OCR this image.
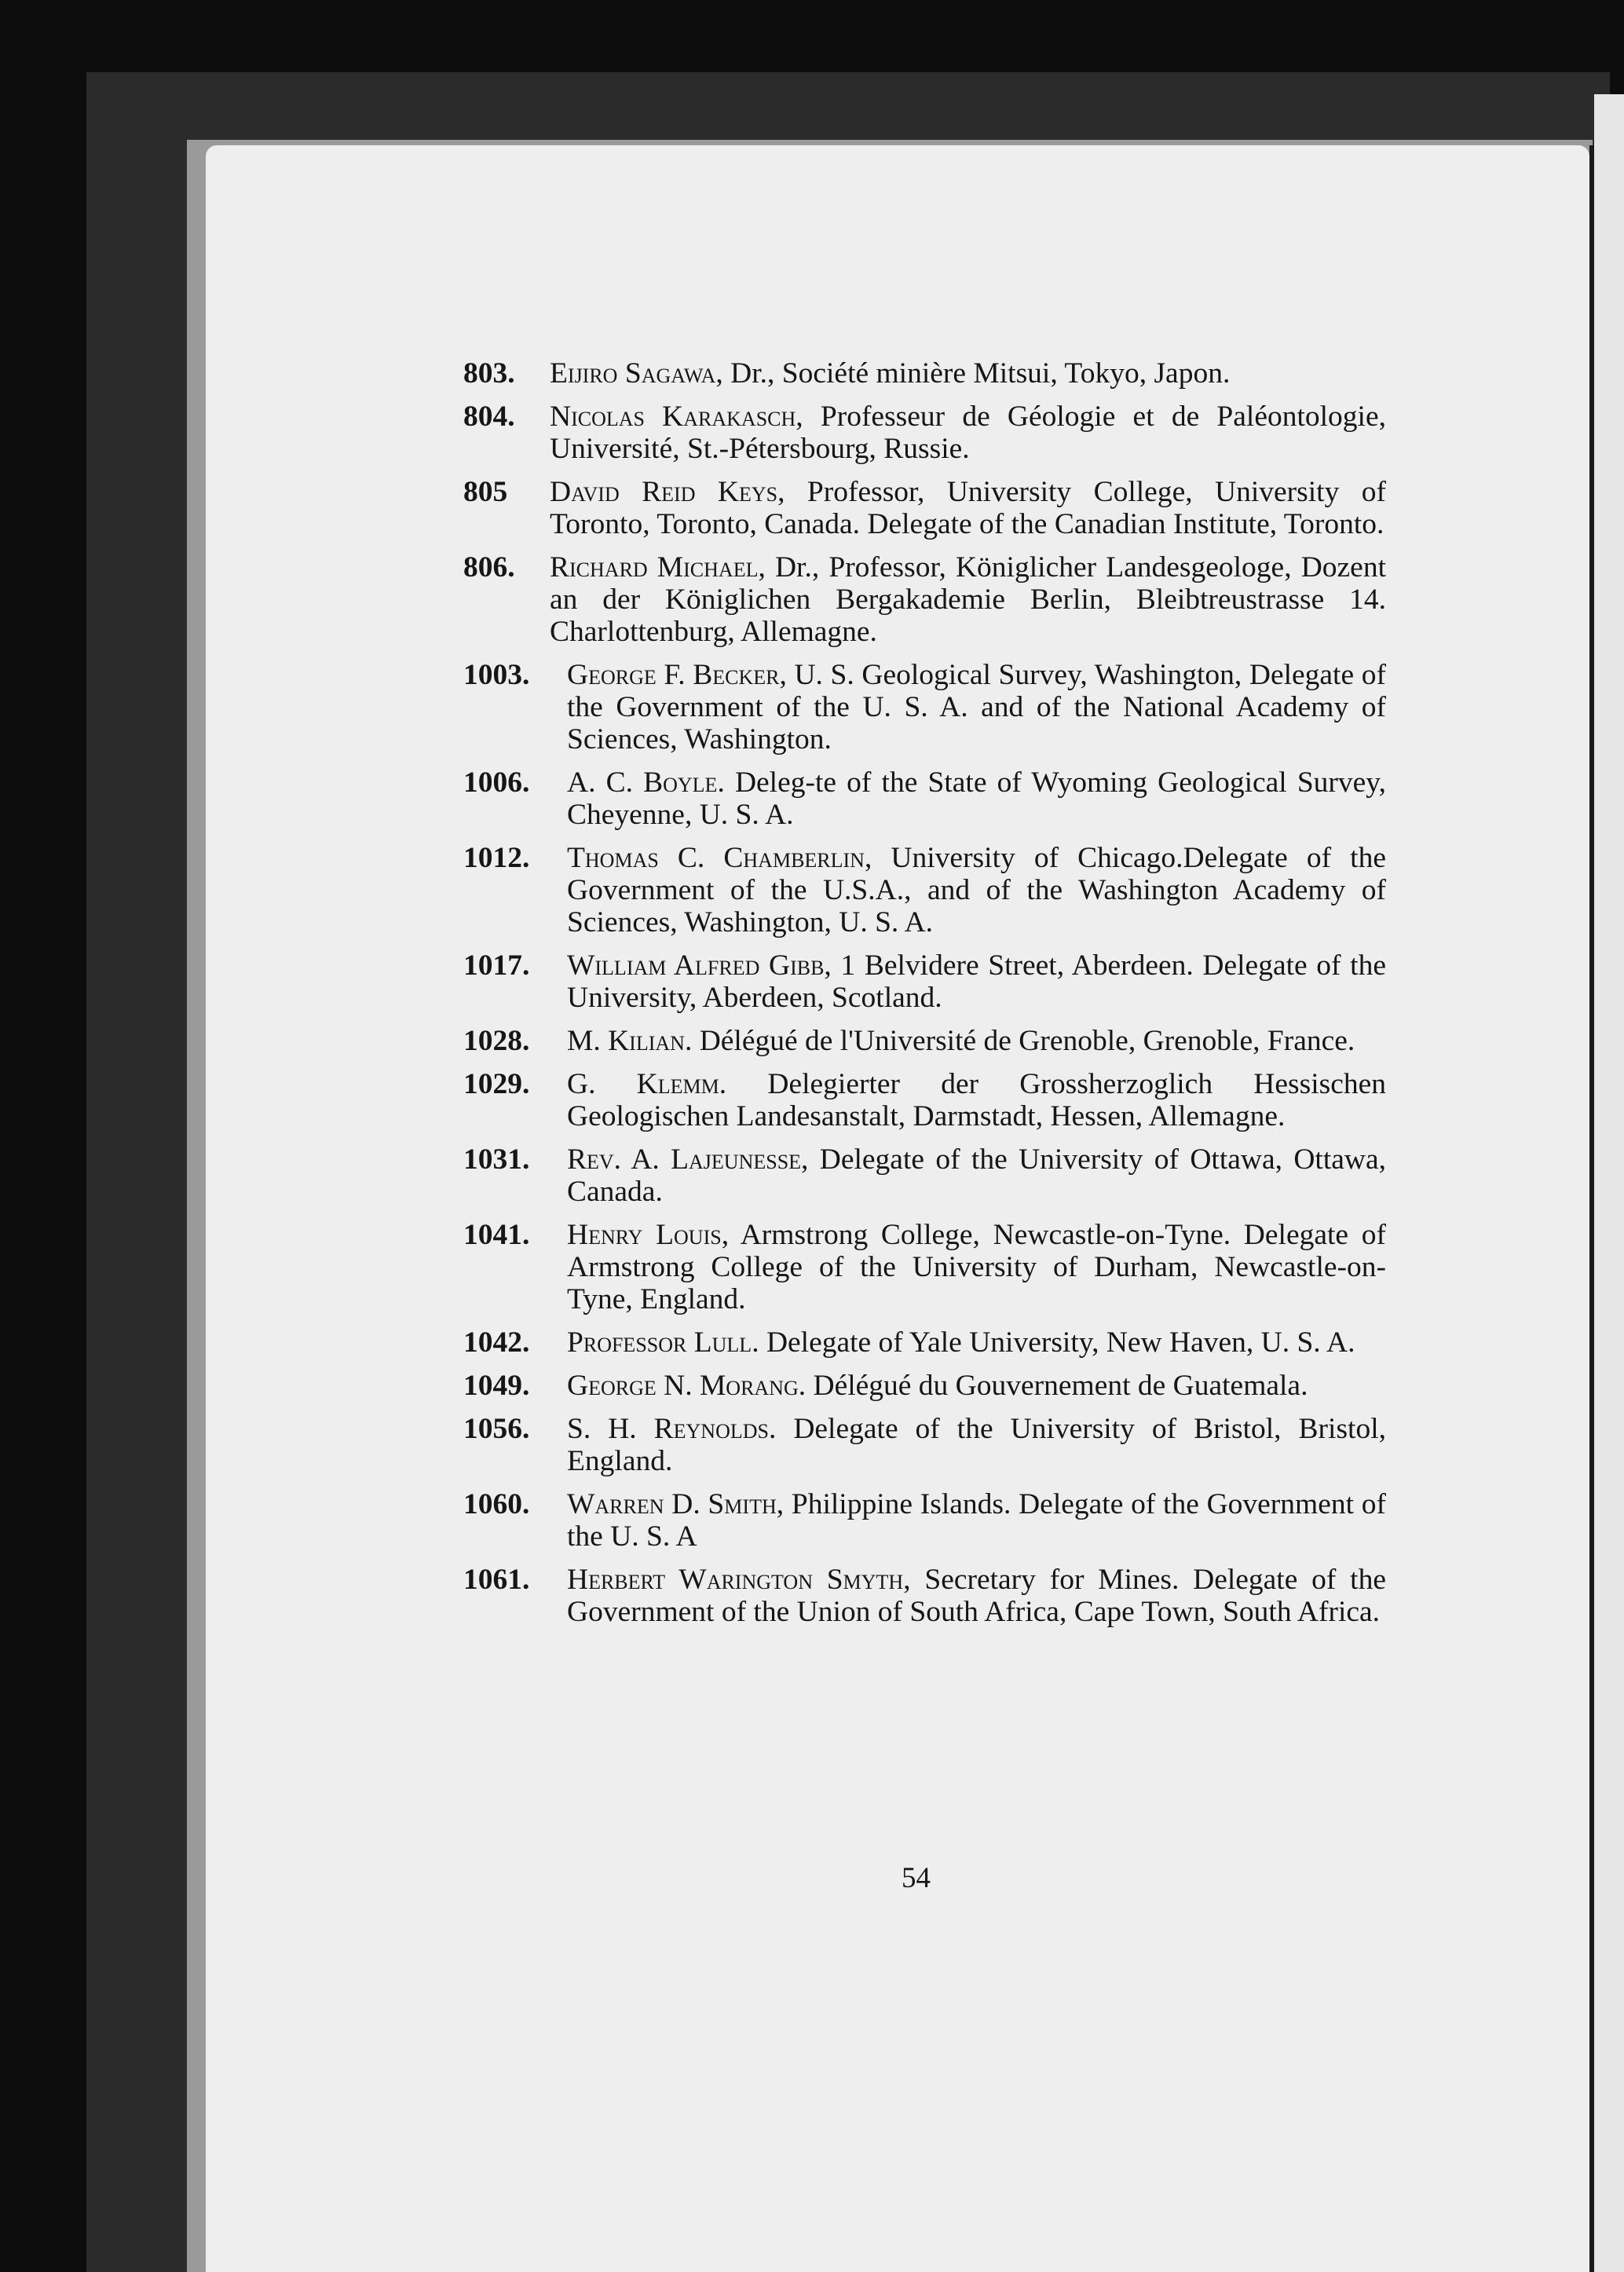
803. Eijiro Sagawa, Dr., Société minière Mitsui, Tokyo, Japon.
804. Nicolas Karakasch, Professeur de Géologie et de Paléontologie, Université, St.-Pétersbourg, Russie.
805 David Reid Keys, Professor, University College, University of Toronto, Toronto, Canada. Delegate of the Canadian Institute, Toronto.
806. Richard Michael, Dr., Professor, Königlicher Landesgeologe, Dozent an der Königlichen Bergakademie Berlin, Bleibtreustrasse 14. Charlottenburg, Allemagne.
1003. George F. Becker, U. S. Geological Survey, Washington, Delegate of the Government of the U. S. A. and of the National Academy of Sciences, Washington.
1006. A. C. Boyle. Deleg-te of the State of Wyoming Geological Survey, Cheyenne, U. S. A.
1012. Thomas C. Chamberlin, University of Chicago.Delegate of the Government of the U.S.A., and of the Washington Academy of Sciences, Washington, U. S. A.
1017. William Alfred Gibb, 1 Belvidere Street, Aberdeen. Delegate of the University, Aberdeen, Scotland.
1028. M. Kilian. Délégué de l'Université de Grenoble, Grenoble, France.
1029. G. Klemm. Delegierter der Grossherzoglich Hessischen Geologischen Landesanstalt, Darmstadt, Hessen, Allemagne.
1031. Rev. A. Lajeunesse, Delegate of the University of Ottawa, Ottawa, Canada.
1041. Henry Louis, Armstrong College, Newcastle-on-Tyne. Delegate of Armstrong College of the University of Durham, Newcastle-on-Tyne, England.
1042. Professor Lull. Delegate of Yale University, New Haven, U. S. A.
1049. George N. Morang. Délégué du Gouvernement de Guatemala.
1056. S. H. Reynolds. Delegate of the University of Bristol, Bristol, England.
1060. Warren D. Smith, Philippine Islands. Delegate of the Government of the U. S. A
1061. Herbert Warington Smyth, Secretary for Mines. Delegate of the Government of the Union of South Africa, Cape Town, South Africa.
54
